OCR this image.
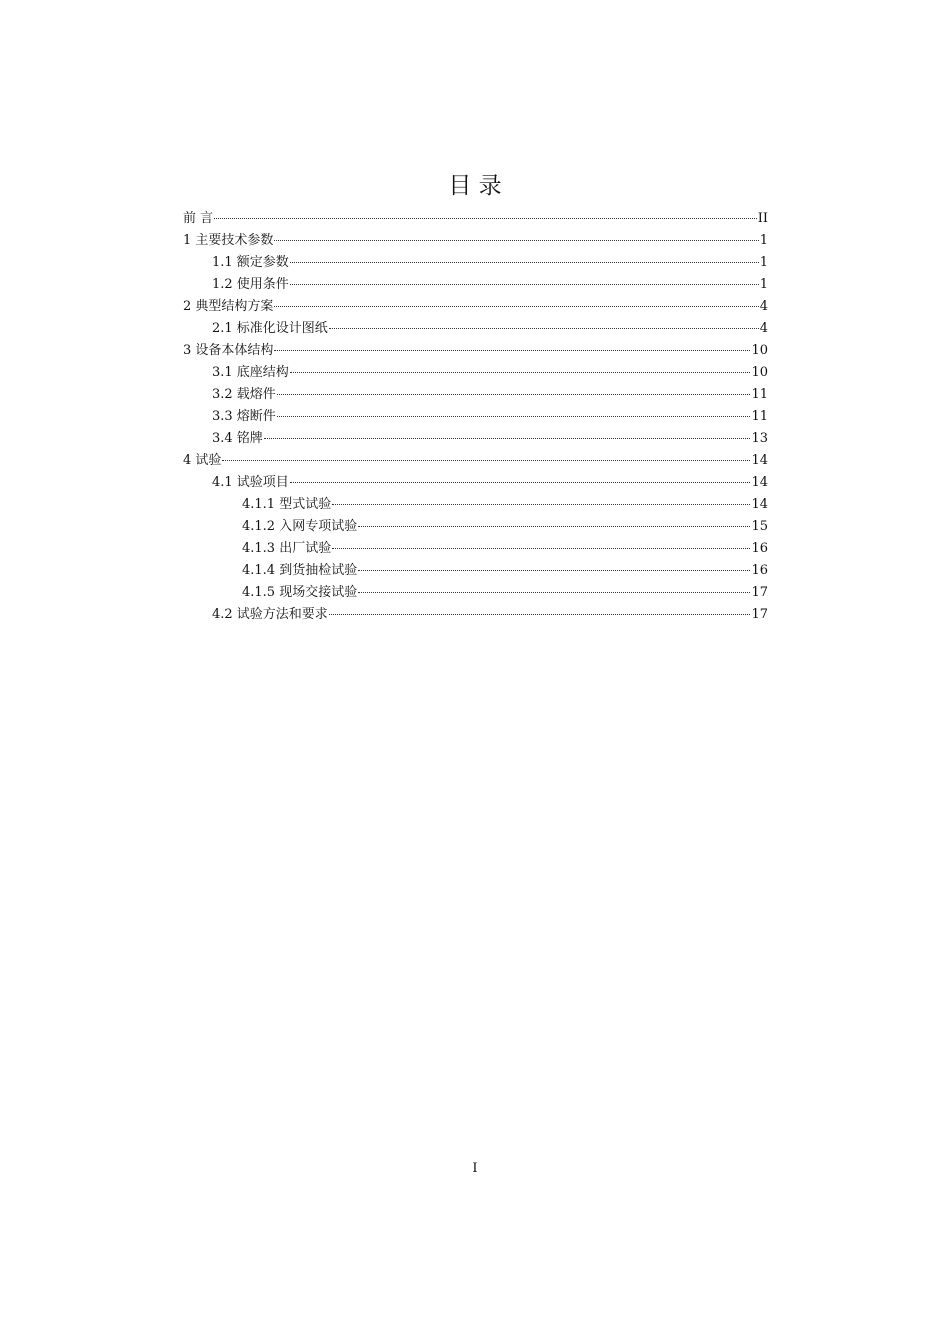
目 录
前 言	II
1 主要技术参数	1
1.1 额定参数	1
1.2 使用条件	1
2 典型结构方案	4
2.1 标准化设计图纸	4
3 设备本体结构	10
3.1 底座结构	10
3.2 载熔件	11
3.3 熔断件	11
3.4 铭牌	13
4 试验	14
4.1 试验项目	14
4.1.1 型式试验	14
4.1.2 入网专项试验	15
4.1.3 出厂试验	16
4.1.4 到货抽检试验	16
4.1.5 现场交接试验	17
4.2 试验方法和要求	17
I
